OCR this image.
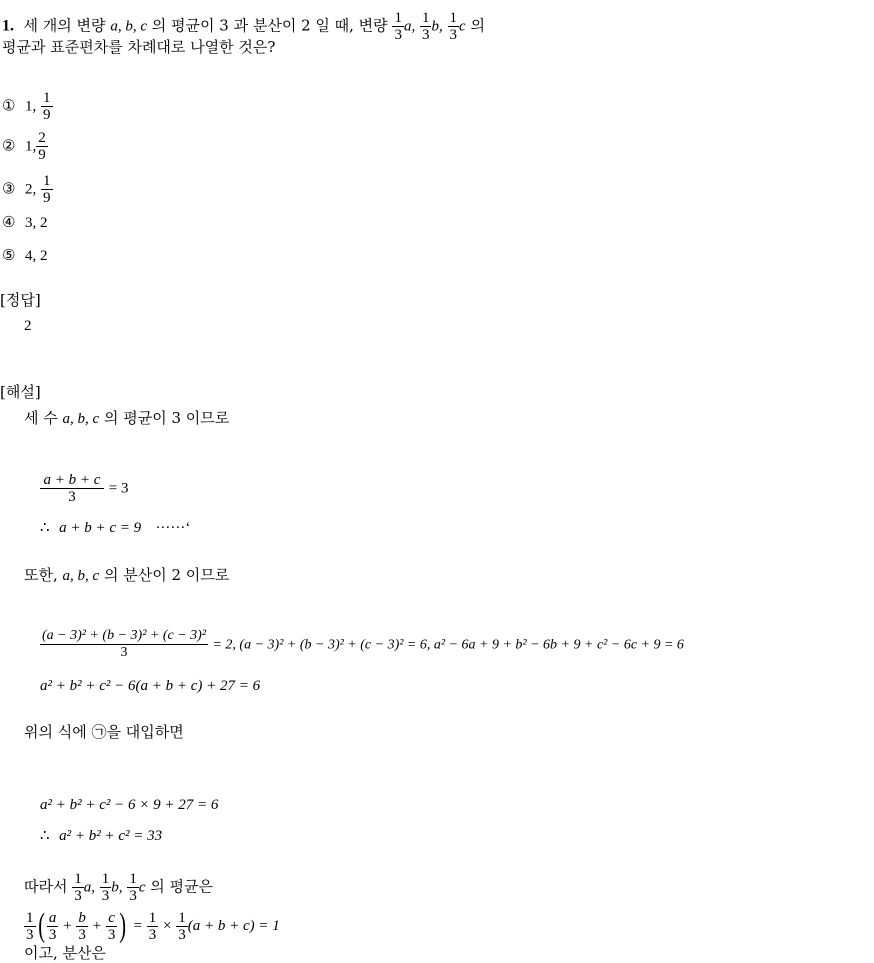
1. 세 개의 변량 a, b, c 의 평균이 3 과 분산이 2 일 때, 변량 $\frac{1}{3} a$, $\frac{1}{3} b$, $\frac{1}{3}$ c 의
평균과 표준편차를 차례대로 나열한 것은?
① 1, $\frac{1}{9}$
② 1, $\frac{2}{9}$
③ 2, $\frac{1}{9}$
④ 3, 2
⑤ 4, 2
[정답]
2
[해설]
세 수 a, b, c 의 평균이 3 이므로
$\frac{a + b + c}{3} = 3$
∴ a + b + c = 9 ······‘
또한, a, b, c 의 분산이 2 이므로
$\frac{\text{(a − 3)² + (b − 3)² + (c − 3)²}}{3} = 2$, (a − 3)² + (b − 3)² + (c − 3)² = 6, a² − 6a + 9 + b² − 6b + 9 + c² − 6c + 9 = 6
a² + b² + c² − 6(a + b + c) + 27 = 6
위의 식에 ㉠을 대입하면
a² + b² + c² − 6 × 9 + 27 = 6
∴ a² + b² + c² = 33
따라서 $\frac{1}{3} a$, $\frac{1}{3} b$, $\frac{1}{3}$ c 의 평균은
$\frac{1}{3}$ ( $\frac{a}{3} + \frac{b}{3} + \frac{c}{3}$ ) = $\frac{1}{3} \times \frac{1}{3} (a + b + c) = 1$
이고, 분산은
